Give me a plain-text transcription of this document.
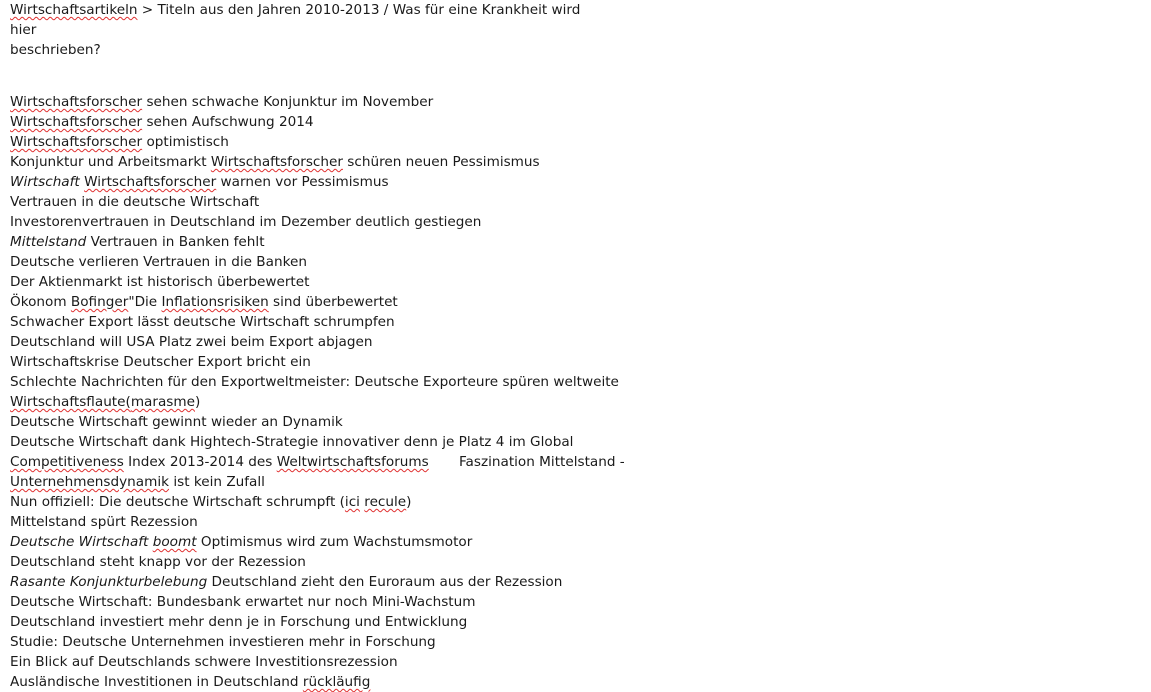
Wirtschaftsartikeln > Titeln aus den Jahren 2010-2013 / Was für eine Krankheit wird hier
beschrieben?

Wirtschaftsforscher sehen schwache Konjunktur im November

Wirtschaftsforscher sehen Aufschwung 2014

Wirtschaftsforscher optimistisch

Konjunktur und Arbeitsmarkt Wirtschaftsforscher schüren neuen Pessimismus

Wirtschaft Wirtschaftsforscher warnen vor Pessimismus

Vertrauen in die deutsche Wirtschaft

Investorenvertrauen in Deutschland im Dezember deutlich gestiegen

Mittelstand Vertrauen in Banken fehlt

Deutsche verlieren Vertrauen in die Banken

Der Aktienmarkt ist historisch überbewertet

Ökonom Bofinger"Die Inflationsrisiken sind überbewertet

Schwacher Export lässt deutsche Wirtschaft schrumpfen

Deutschland will USA Platz zwei beim Export abjagen

Wirtschaftskrise Deutscher Export bricht ein

Schlechte Nachrichten für den Exportweltmeister: Deutsche Exporteure spüren weltweite

Wirtschaftsflaute(marasme)

Deutsche Wirtschaft gewinnt wieder an Dynamik

Deutsche Wirtschaft dank Hightech-Strategie innovativer denn je Platz 4 im Global

Competitiveness Index 2013-2014 des Weltwirtschaftsforums       Faszination Mittelstand -

Unternehmensdynamik ist kein Zufall

Nun offiziell: Die deutsche Wirtschaft schrumpft (ici recule)

Mittelstand spürt Rezession

Deutsche Wirtschaft boomt Optimismus wird zum Wachstumsmotor

Deutschland steht knapp vor der Rezession

Rasante Konjunkturbelebung Deutschland zieht den Euroraum aus der Rezession

Deutsche Wirtschaft: Bundesbank erwartet nur noch Mini-Wachstum

Deutschland investiert mehr denn je in Forschung und Entwicklung

Studie: Deutsche Unternehmen investieren mehr in Forschung

Ein Blick auf Deutschlands schwere Investitionsrezession

Ausländische Investitionen in Deutschland rückläufig
